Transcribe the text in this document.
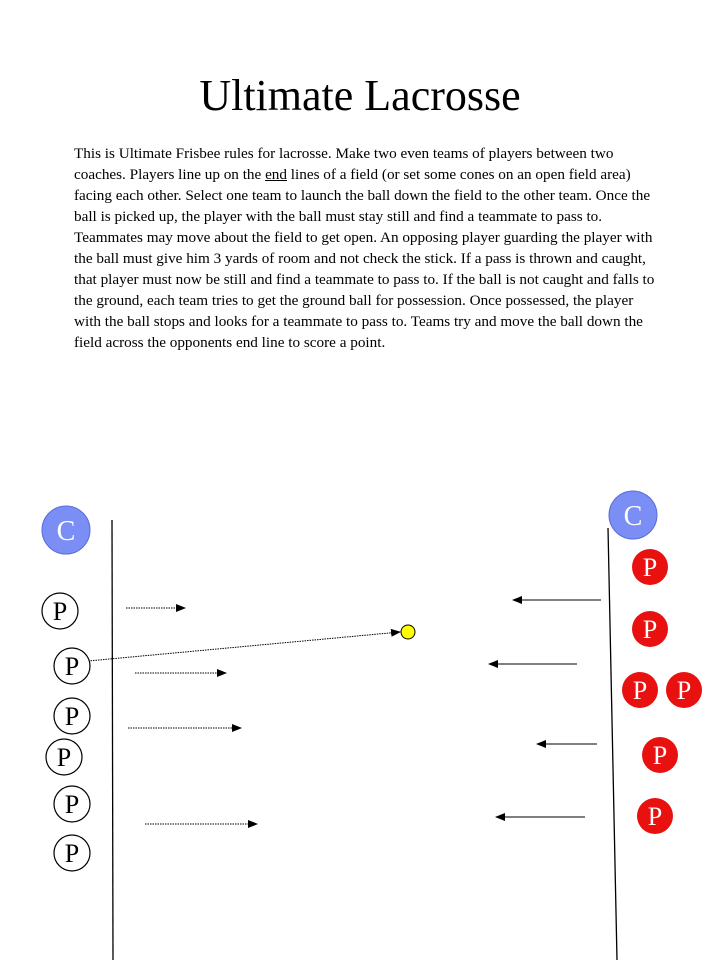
Ultimate Lacrosse

This is Ultimate Frisbee rules for lacrosse. Make two even teams of players between two coaches. Players line up on the end lines of a field (or set some cones on an open field area) facing each other. Select one team to launch the ball down the field to the other team. Once the ball is picked up, the player with the ball must stay still and find a teammate to pass to. Teammates may move about the field to get open. An opposing player guarding the player with the ball must give him 3 yards of room and not check the stick. If a pass is thrown and caught, that player must now be still and find a teammate to pass to. If the ball is not caught and falls to the ground, each team tries to get the ground ball for possession. Once possessed, the player with the ball stops and looks for a teammate to pass to. Teams try and move the ball down the field across the opponents end line to score a point.

C	C
P
P
P
P
P
P
P
P
P P
P
P
